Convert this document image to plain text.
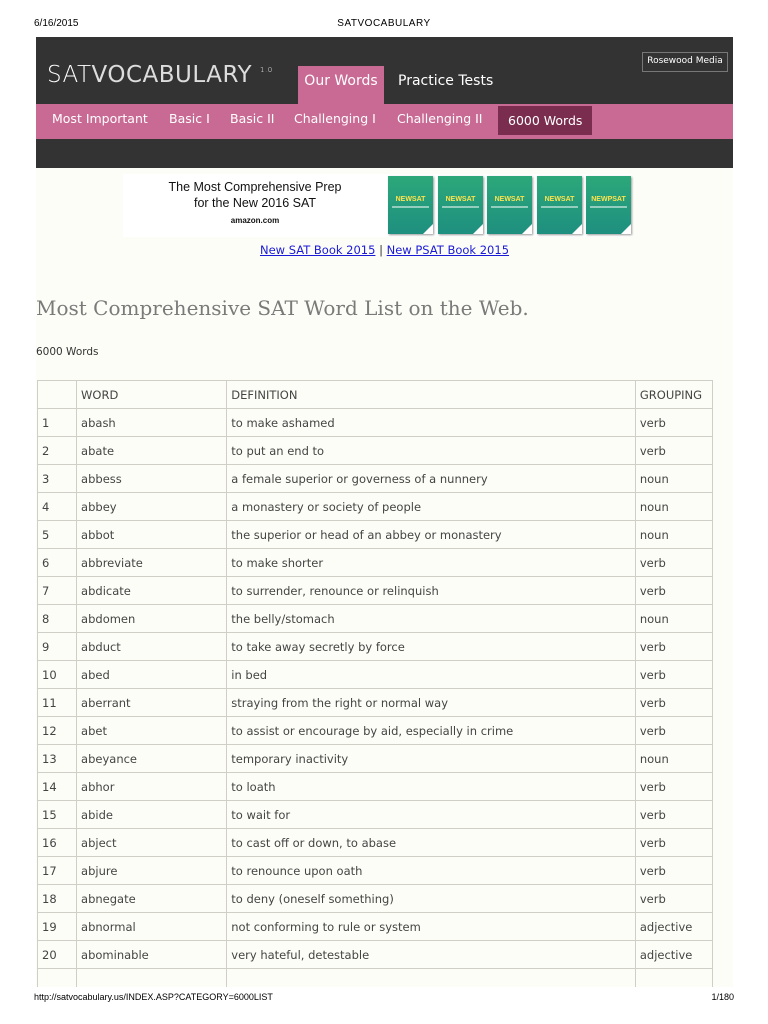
6/16/2015	SATVOCABULARY
SATVOCABULARY $^{1.0}$
Our Words	Practice Tests
Rosewood Media
Most Important Basic I Basic II Challenging I Challenging II	6000 Words
The Most Comprehensive Prep
for the New 2016 SAT
amazon.com
NEWSAT	NEWSAT	NEWSAT	NEWSAT	NEWPSAT
New SAT Book 2015 | New PSAT Book 2015
Most Comprehensive SAT Word List on the Web.
6000 Words
	WORD	DEFINITION	GROUPING
1	abash	to make ashamed	verb
2	abate	to put an end to	verb
3	abbess	a female superior or governess of a nunnery	noun
4	abbey	a monastery or society of people	noun
5	abbot	the superior or head of an abbey or monastery	noun
6	abbreviate	to make shorter	verb
7	abdicate	to surrender, renounce or relinquish	verb
8	abdomen	the belly/stomach	noun
9	abduct	to take away secretly by force	verb
10	abed	in bed	verb
11	aberrant	straying from the right or normal way	verb
12	abet	to assist or encourage by aid, especially in crime	verb
13	abeyance	temporary inactivity	noun
14	abhor	to loath	verb
15	abide	to wait for	verb
16	abject	to cast off or down, to abase	verb
17	abjure	to renounce upon oath	verb
18	abnegate	to deny (oneself something)	verb
19	abnormal	not conforming to rule or system	adjective
20	abominable	very hateful, detestable	adjective

http://satvocabulary.us/INDEX.ASP?CATEGORY=6000LIST	1/180
